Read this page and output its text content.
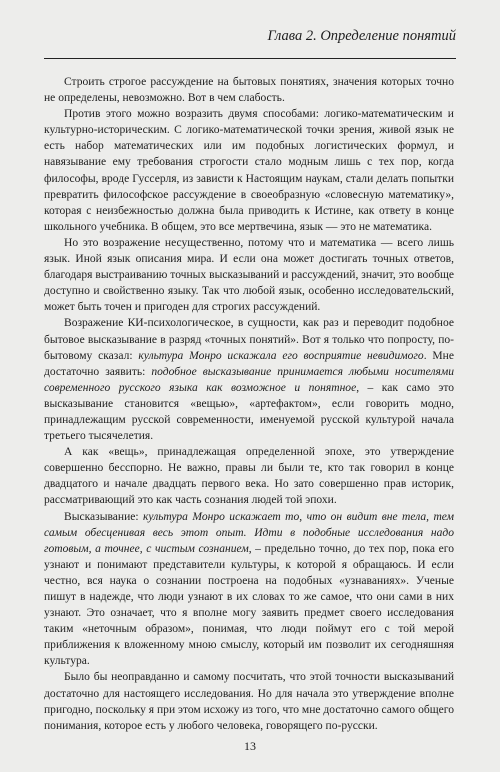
Глава 2. Определение понятий

Строить строгое рассуждение на бытовых понятиях, значения которых точно не определены, невозможно. Вот в чем слабость.

Против этого можно возразить двумя способами: логико-математическим и культурно-историческим. С логико-математической точки зрения, живой язык не есть набор математических или им подобных логистических формул, и навязывание ему требования строгости стало модным лишь с тех пор, когда философы, вроде Гуссерля, из зависти к Настоящим наукам, стали делать попытки превратить философское рассуждение в своеобразную «словесную математику», которая с неизбежностью должна была приводить к Истине, как ответу в конце школьного учебника. В общем, это все мертвечина, язык — это не математика.

Но это возражение несущественно, потому что и математика — всего лишь язык. Иной язык описания мира. И если она может достигать точных ответов, благодаря выстраиванию точных высказываний и рассуждений, значит, это вообще доступно и свойственно языку. Так что любой язык, особенно исследовательский, может быть точен и пригоден для строгих рассуждений.

Возражение КИ-психологическое, в сущности, как раз и переводит подобное бытовое высказывание в разряд «точных понятий». Вот я только что попросту, по-бытовому сказал: культура Монро искажала его восприятие невидимого. Мне достаточно заявить: подобное высказывание принимается любыми носителями современного русского языка как возможное и понятное, – как само это высказывание становится «вещью», «артефактом», если говорить модно, принадлежащим русской современности, именуемой русской культурой начала третьего тысячелетия.

А как «вещь», принадлежащая определенной эпохе, это утверждение совершенно бесспорно. Не важно, правы ли были те, кто так говорил в конце двадцатого и начале двадцать первого века. Но зато совершенно прав историк, рассматривающий это как часть сознания людей той эпохи.

Высказывание: культура Монро искажает то, что он видит вне тела, тем самым обесценивая весь этот опыт. Идти в подобные исследования надо готовым, а точнее, с чистым сознанием, – предельно точно, до тех пор, пока его узнают и понимают представители культуры, к которой я обращаюсь. И если честно, вся наука о сознании построена на подобных «узнаваниях». Ученые пишут в надежде, что люди узнают в их словах то же самое, что они сами в них узнают. Это означает, что я вполне могу заявить предмет своего исследования таким «неточным образом», понимая, что люди поймут его с той мерой приближения к вложенному мною смыслу, который им позволит их сегодняшняя культура.

Было бы неоправданно и самому посчитать, что этой точности высказываний достаточно для настоящего исследования. Но для начала это утверждение вполне пригодно, поскольку я при этом исхожу из того, что мне достаточно самого общего понимания, которое есть у любого человека, говорящего по-русски.

13
